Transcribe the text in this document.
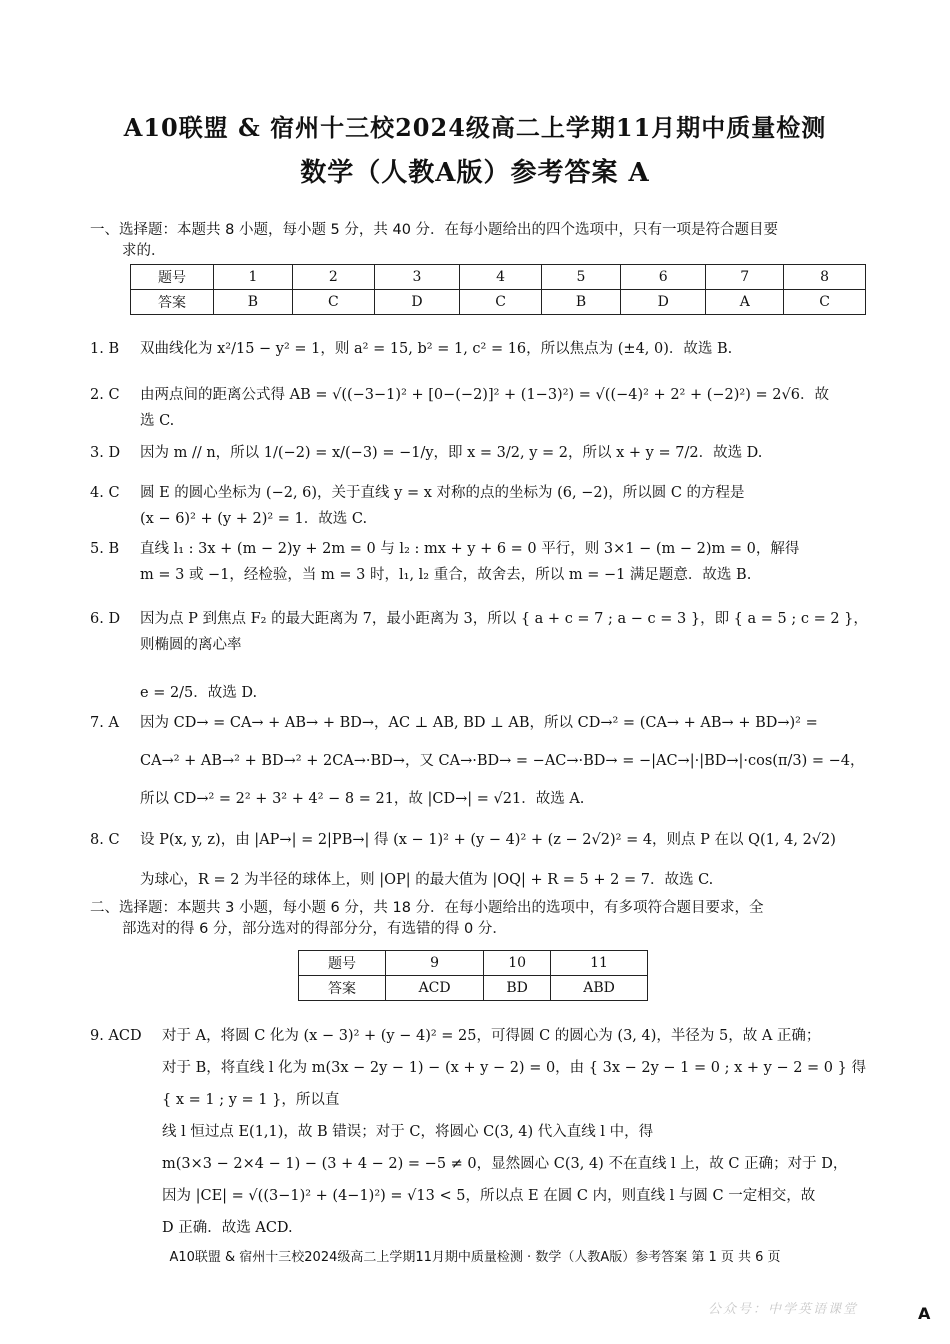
A10联盟 & 宿州十三校2024级高二上学期11月期中质量检测
数学（人教A版）参考答案 A
一、选择题：本题共 8 小题，每小题 5 分，共 40 分．在每小题给出的四个选项中，只有一项是符合题目要
求的．
题号	1	2	3	4	5	6	7	8
答案	B	C	D	C	B	D	A	C
1. B	双曲线化为 x²/15 − y² = 1，则 a² = 15, b² = 1, c² = 16，所以焦点为 (±4, 0)．故选 B.
2. C	由两点间的距离公式得 AB = √((−3−1)² + [0−(−2)]² + (1−3)²) = √((−4)² + 2² + (−2)²) = 2√6．故
选 C.
3. D	因为 m // n，所以 1/(−2) = x/(−3) = −1/y，即 x = 3/2, y = 2，所以 x + y = 7/2．故选 D.
4. C	圆 E 的圆心坐标为 (−2, 6)，关于直线 y = x 对称的点的坐标为 (6, −2)，所以圆 C 的方程是
(x − 6)² + (y + 2)² = 1．故选 C.
5. B	直线 l₁ : 3x + (m − 2)y + 2m = 0 与 l₂ : mx + y + 6 = 0 平行，则 3×1 − (m − 2)m = 0，解得
m = 3 或 −1，经检验，当 m = 3 时，l₁, l₂ 重合，故舍去，所以 m = −1 满足题意．故选 B.
6. D	因为点 P 到焦点 F₂ 的最大距离为 7，最小距离为 3，所以 { a + c = 7 ; a − c = 3 }，即 { a = 5 ; c = 2 }，则椭圆的离心率
e = 2/5．故选 D.
7. A	因为 CD→ = CA→ + AB→ + BD→，AC ⊥ AB, BD ⊥ AB，所以 CD→² = (CA→ + AB→ + BD→)² =
CA→² + AB→² + BD→² + 2CA→·BD→，又 CA→·BD→ = −AC→·BD→ = −|AC→|·|BD→|·cos(π/3) = −4，
所以 CD→² = 2² + 3² + 4² − 8 = 21，故 |CD→| = √21．故选 A.
8. C	设 P(x, y, z)，由 |AP→| = 2|PB→| 得 (x − 1)² + (y − 4)² + (z − 2√2)² = 4，则点 P 在以 Q(1, 4, 2√2)
为球心，R = 2 为半径的球体上，则 |OP| 的最大值为 |OQ| + R = 5 + 2 = 7．故选 C.
二、选择题：本题共 3 小题，每小题 6 分，共 18 分．在每小题给出的选项中，有多项符合题目要求，全
部选对的得 6 分，部分选对的得部分分，有选错的得 0 分．
题号	9	10	11
答案	ACD	BD	ABD
9. ACD	对于 A，将圆 C 化为 (x − 3)² + (y − 4)² = 25，可得圆 C 的圆心为 (3, 4)，半径为 5，故 A 正确；
对于 B，将直线 l 化为 m(3x − 2y − 1) − (x + y − 2) = 0，由 { 3x − 2y − 1 = 0 ; x + y − 2 = 0 } 得 { x = 1 ; y = 1 }，所以直
线 l 恒过点 E(1,1)，故 B 错误；对于 C，将圆心 C(3, 4) 代入直线 l 中，得
m(3×3 − 2×4 − 1) − (3 + 4 − 2) = −5 ≠ 0，显然圆心 C(3, 4) 不在直线 l 上，故 C 正确；对于 D，
因为 |CE| = √((3−1)² + (4−1)²) = √13 < 5，所以点 E 在圆 C 内，则直线 l 与圆 C 一定相交，故
D 正确．故选 ACD.
A10联盟 & 宿州十三校2024级高二上学期11月期中质量检测 · 数学（人教A版）参考答案 第 1 页 共 6 页
公众号：中学英语课堂	A
